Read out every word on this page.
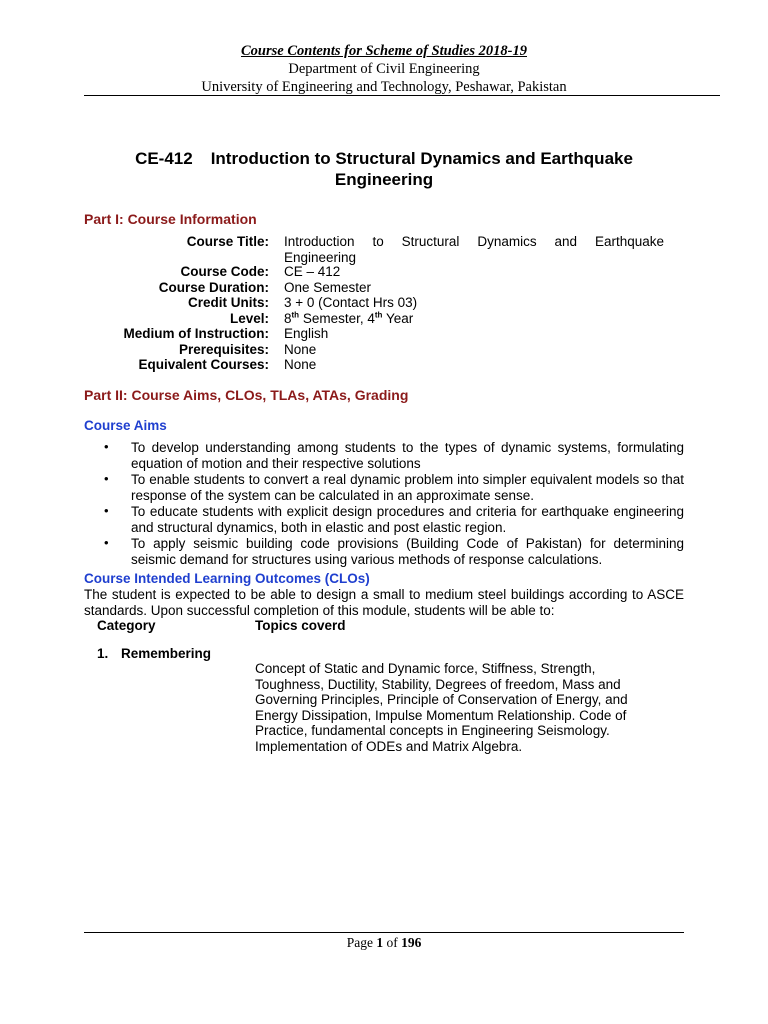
Course Contents for Scheme of Studies 2018-19
Department of Civil Engineering
University of Engineering and Technology, Peshawar, Pakistan
CE-412 Introduction to Structural Dynamics and Earthquake
Engineering
Part I: Course Information
Course Title: Introduction to Structural Dynamics and Earthquake Engineering
Course Code: CE – 412
Course Duration: One Semester
Credit Units: 3 + 0 (Contact Hrs 03)
Level: 8th Semester, 4th Year
Medium of Instruction: English
Prerequisites: None
Equivalent Courses: None
Part II: Course Aims, CLOs, TLAs, ATAs, Grading
Course Aims
• To develop understanding among students to the types of dynamic systems, formulating equation of motion and their respective solutions
• To enable students to convert a real dynamic problem into simpler equivalent models so that response of the system can be calculated in an approximate sense.
• To educate students with explicit design procedures and criteria for earthquake engineering and structural dynamics, both in elastic and post elastic region.
• To apply seismic building code provisions (Building Code of Pakistan) for determining seismic demand for structures using various methods of response calculations.
Course Intended Learning Outcomes (CLOs)
The student is expected to be able to design a small to medium steel buildings according to ASCE standards. Upon successful completion of this module, students will be able to:
Category	Topics coverd
1. Remembering
Concept of Static and Dynamic force, Stiffness, Strength, Toughness, Ductility, Stability, Degrees of freedom, Mass and Governing Principles, Principle of Conservation of Energy, and Energy Dissipation, Impulse Momentum Relationship. Code of Practice, fundamental concepts in Engineering Seismology. Implementation of ODEs and Matrix Algebra.
Page 1 of 196
